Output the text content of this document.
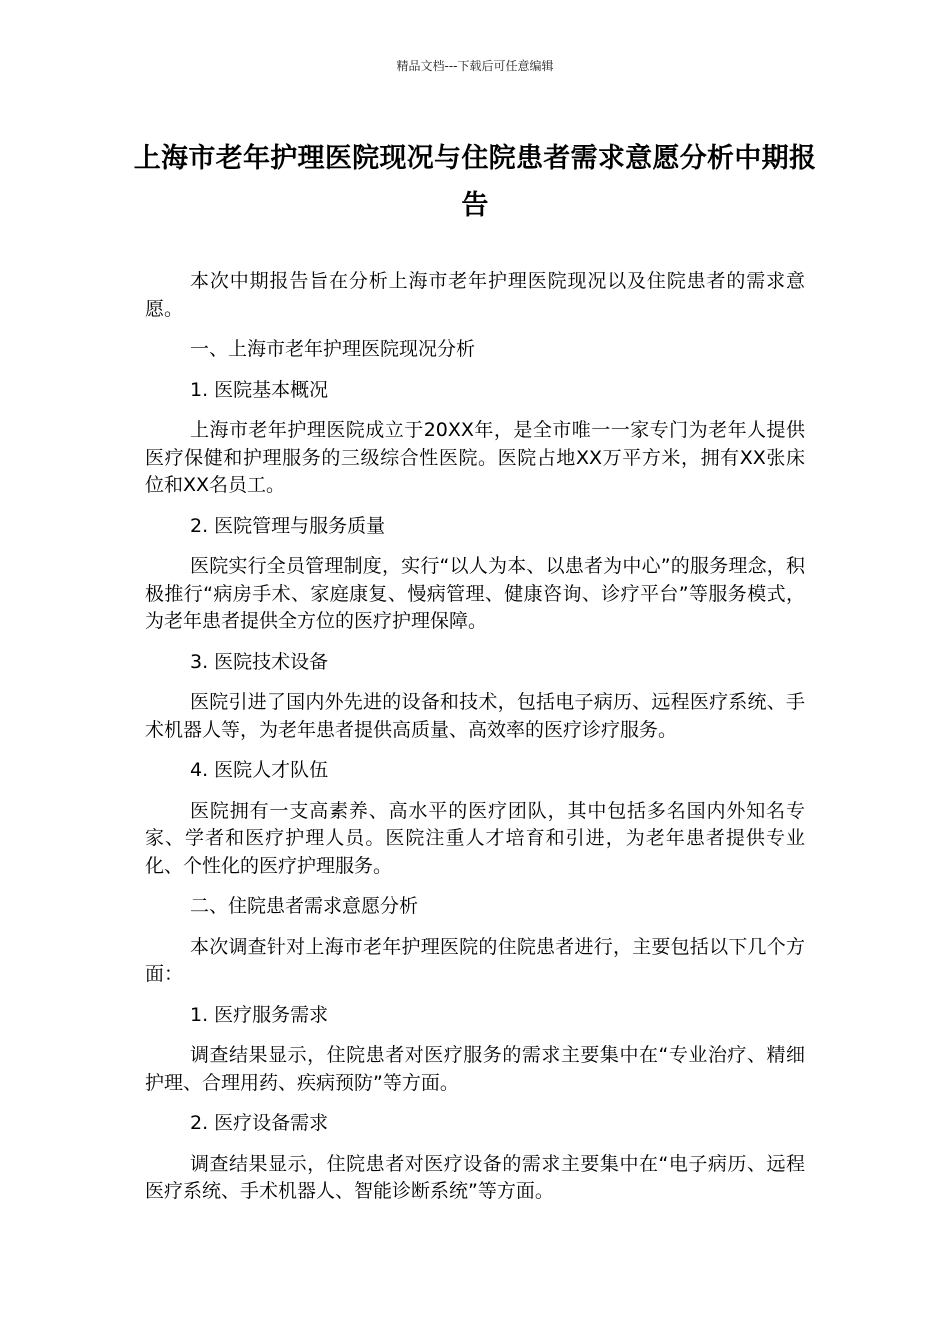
精品文档---下载后可任意编辑
上海市老年护理医院现况与住院患者需求意愿分析中期报告

本次中期报告旨在分析上海市老年护理医院现况以及住院患者的需求意愿。

一、上海市老年护理医院现况分析

1. 医院基本概况

上海市老年护理医院成立于20XX年，是全市唯一一家专门为老年人提供医疗保健和护理服务的三级综合性医院。医院占地XX万平方米，拥有XX张床位和XX名员工。

2. 医院管理与服务质量

医院实行全员管理制度，实行“以人为本、以患者为中心”的服务理念，积极推行“病房手术、家庭康复、慢病管理、健康咨询、诊疗平台”等服务模式，为老年患者提供全方位的医疗护理保障。

3. 医院技术设备

医院引进了国内外先进的设备和技术，包括电子病历、远程医疗系统、手术机器人等，为老年患者提供高质量、高效率的医疗诊疗服务。

4. 医院人才队伍

医院拥有一支高素养、高水平的医疗团队，其中包括多名国内外知名专家、学者和医疗护理人员。医院注重人才培育和引进，为老年患者提供专业化、个性化的医疗护理服务。

二、住院患者需求意愿分析

本次调查针对上海市老年护理医院的住院患者进行，主要包括以下几个方面：

1. 医疗服务需求

调查结果显示，住院患者对医疗服务的需求主要集中在“专业治疗、精细护理、合理用药、疾病预防”等方面。

2. 医疗设备需求

调查结果显示，住院患者对医疗设备的需求主要集中在“电子病历、远程医疗系统、手术机器人、智能诊断系统”等方面。
